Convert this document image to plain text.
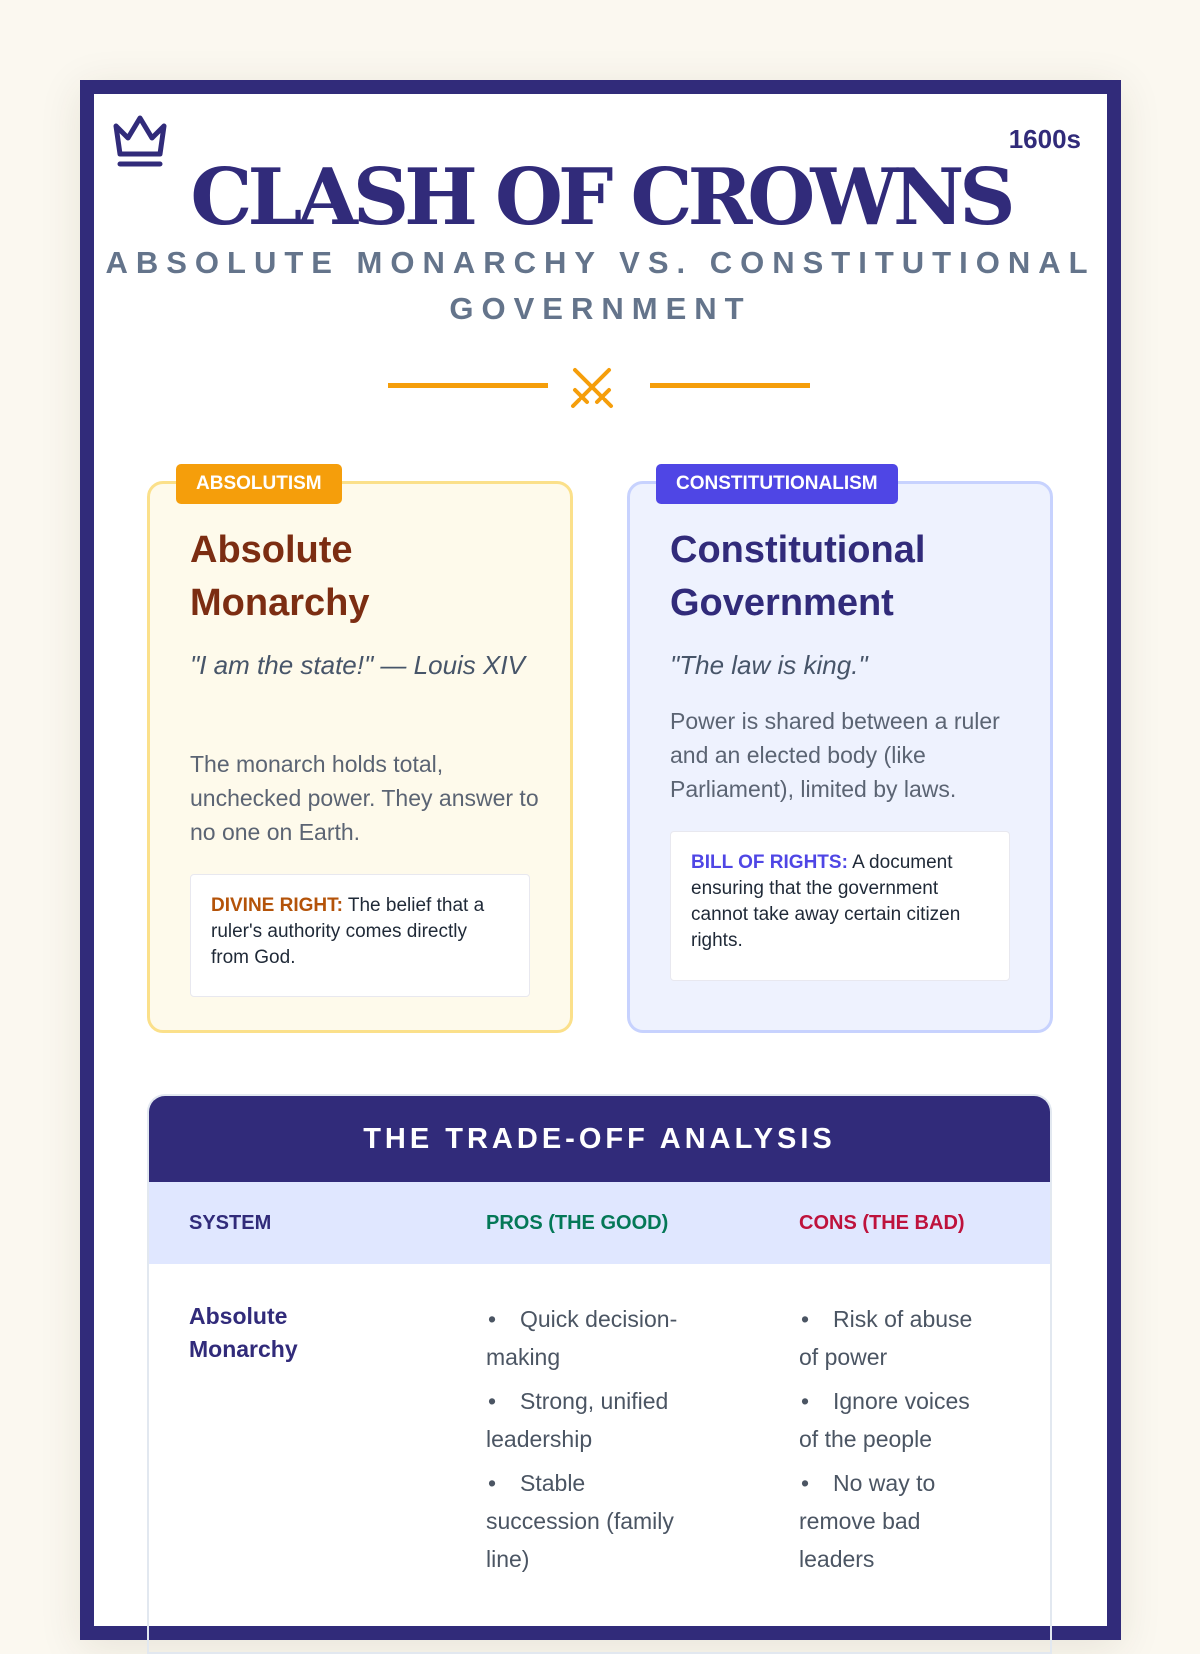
1600s
CLASH OF CROWNS
ABSOLUTE MONARCHY VS. CONSTITUTIONAL GOVERNMENT
ABSOLUTISM
Absolute Monarchy
"I am the state!" — Louis XIV
The monarch holds total, unchecked power. They answer to no one on Earth.
DIVINE RIGHT: The belief that a ruler's authority comes directly from God.
CONSTITUTIONALISM
Constitutional Government
"The law is king."
Power is shared between a ruler and an elected body (like Parliament), limited by laws.
BILL OF RIGHTS: A document ensuring that the government cannot take away certain citizen rights.
THE TRADE-OFF ANALYSIS
SYSTEM	PROS (THE GOOD)	CONS (THE BAD)
Absolute Monarchy
• Quick decision-making
• Strong, unified leadership
• Stable succession (family line)
• Risk of abuse of power
• Ignore voices of the people
• No way to remove bad leaders
